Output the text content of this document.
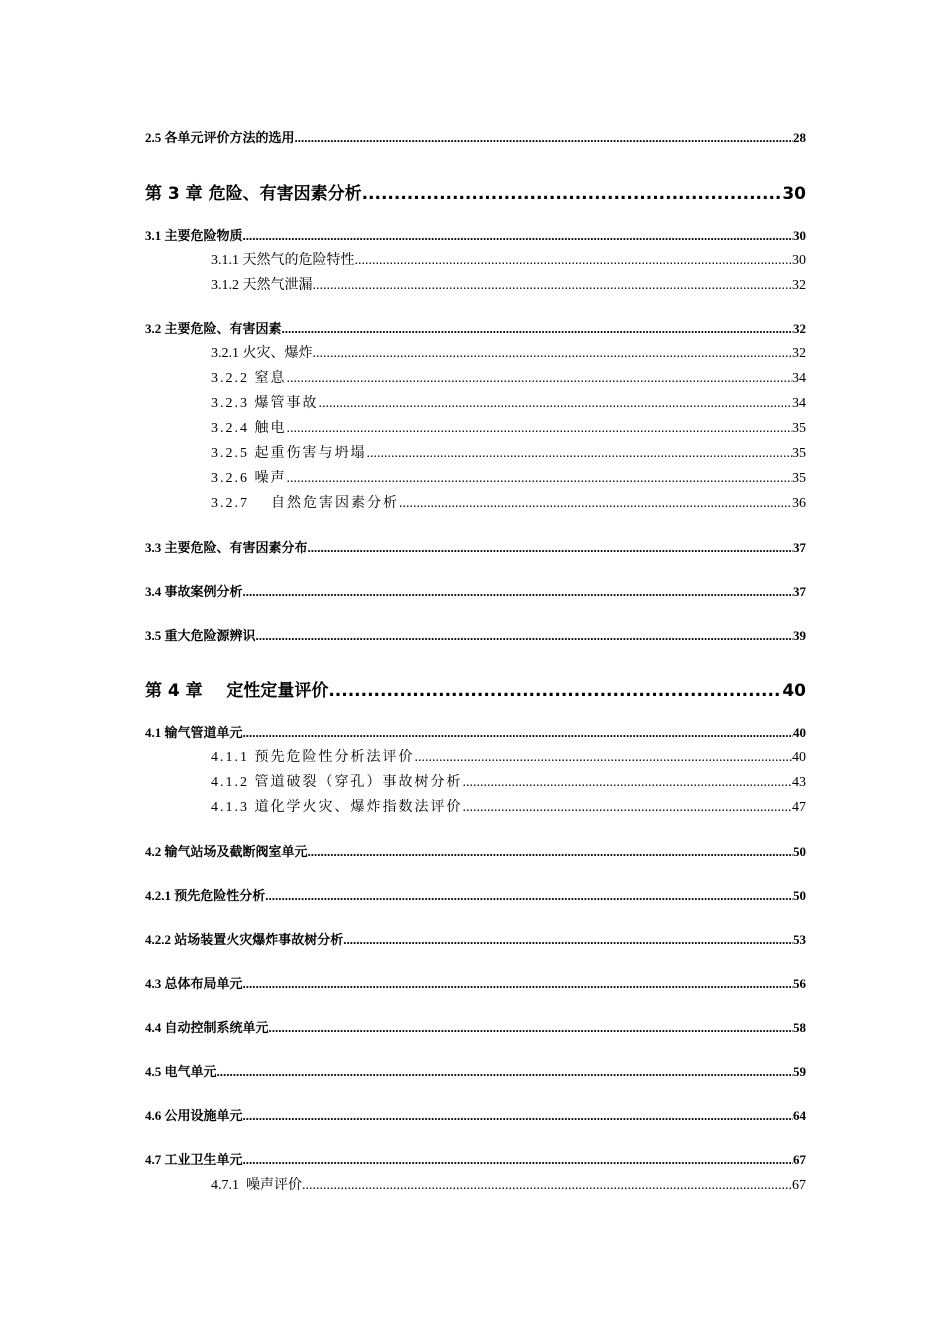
2.5 各单元评价方法的选用 .....	28
第 3 章 危险、有害因素分析 .....	30
3.1 主要危险物质 .....	30
3.1.1 天然气的危险特性 .....	30
3.1.2 天然气泄漏 .....	32
3.2 主要危险、有害因素 .....	32
3.2.1 火灾、爆炸 .....	32
3.2.2 窒息 .....	34
3.2.3 爆管事故 .....	34
3.2.4 触电 .....	35
3.2.5 起重伤害与坍塌 .....	35
3.2.6 噪声 .....	35
3.2.7    自然危害因素分析 .....	36
3.3 主要危险、有害因素分布 .....	37
3.4 事故案例分析 .....	37
3.5 重大危险源辨识 .....	39
第 4 章    定性定量评价 .....	40
4.1 输气管道单元 .....	40
4.1.1 预先危险性分析法评价 .....	40
4.1.2 管道破裂（穿孔）事故树分析 .....	43
4.1.3 道化学火灾、爆炸指数法评价 .....	47
4.2 输气站场及截断阀室单元 .....	50
4.2.1 预先危险性分析 .....	50
4.2.2 站场装置火灾爆炸事故树分析 .....	53
4.3 总体布局单元 .....	56
4.4 自动控制系统单元 .....	58
4.5 电气单元 .....	59
4.6 公用设施单元 .....	64
4.7 工业卫生单元 .....	67
4.7.1  噪声评价 .....	67
